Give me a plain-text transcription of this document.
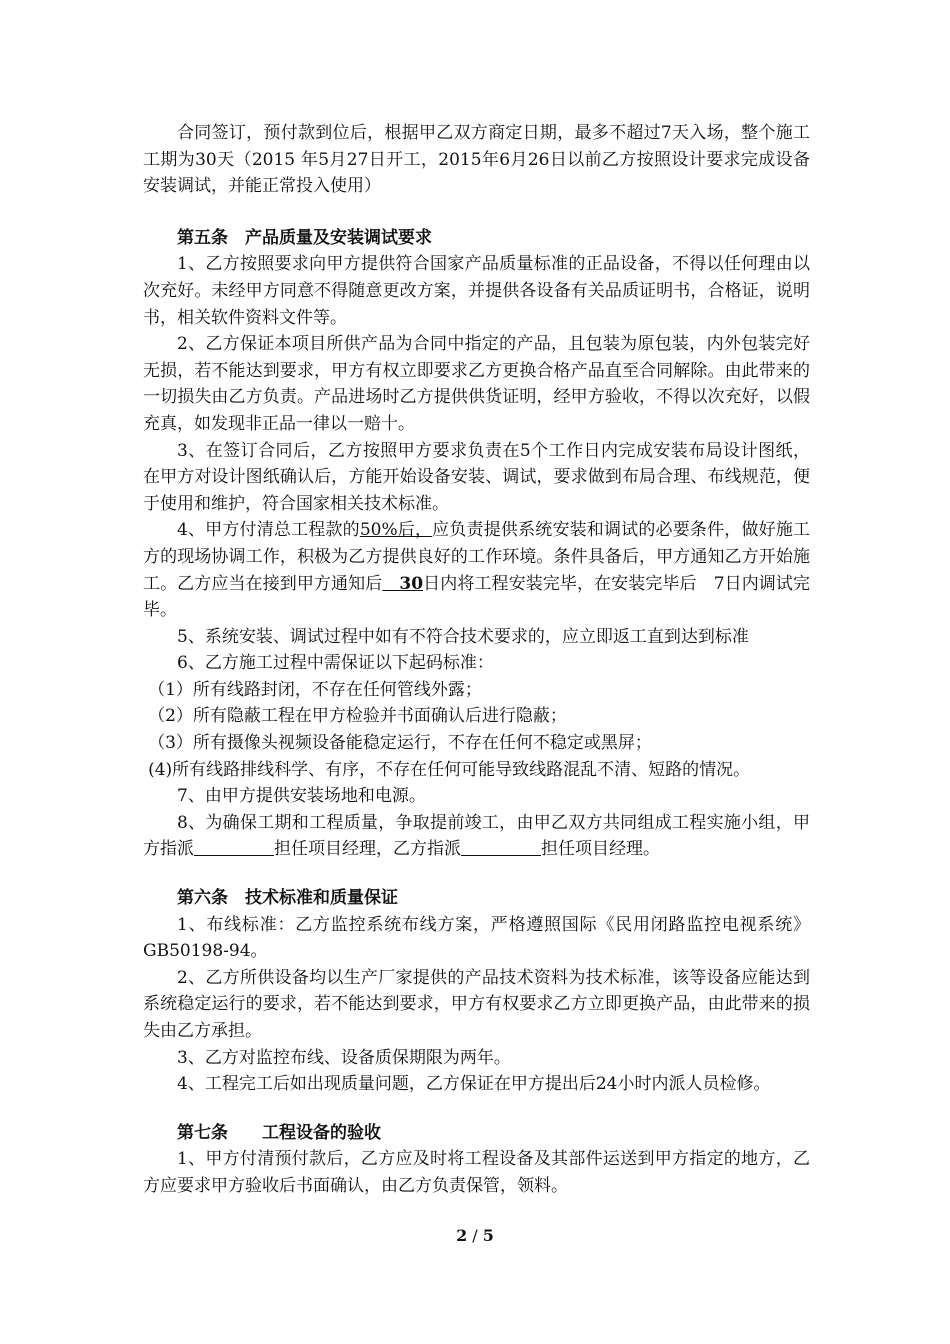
合同签订，预付款到位后，根据甲乙双方商定日期，最多不超过7天入场，整个施工工期为30天（2015 年5月27日开工，2015年6月26日以前乙方按照设计要求完成设备安装调试，并能正常投入使用）

第五条　产品质量及安装调试要求

1、乙方按照要求向甲方提供符合国家产品质量标准的正品设备，不得以任何理由以次充好。未经甲方同意不得随意更改方案，并提供各设备有关品质证明书，合格证，说明书，相关软件资料文件等。

2、乙方保证本项目所供产品为合同中指定的产品，且包装为原包装，内外包装完好无损，若不能达到要求，甲方有权立即要求乙方更换合格产品直至合同解除。由此带来的一切损失由乙方负责。产品进场时乙方提供供货证明，经甲方验收，不得以次充好，以假充真，如发现非正品一律以一赔十。

3、在签订合同后，乙方按照甲方要求负责在5个工作日内完成安装布局设计图纸，在甲方对设计图纸确认后，方能开始设备安装、调试，要求做到布局合理、布线规范，便于使用和维护，符合国家相关技术标准。

4、甲方付清总工程款的50%后，应负责提供系统安装和调试的必要条件，做好施工方的现场协调工作，积极为乙方提供良好的工作环境。条件具备后，甲方通知乙方开始施工。乙方应当在接到甲方通知后　30日内将工程安装完毕，在安装完毕后　7日内调试完毕。

5、系统安装、调试过程中如有不符合技术要求的，应立即返工直到达到标准

6、乙方施工过程中需保证以下起码标准：

（1）所有线路封闭，不存在任何管线外露；

（2）所有隐蔽工程在甲方检验并书面确认后进行隐蔽；

（3）所有摄像头视频设备能稳定运行，不存在任何不稳定或黑屏；

(4)所有线路排线科学、有序，不存在任何可能导致线路混乱不清、短路的情况。

7、由甲方提供安装场地和电源。

8、为确保工期和工程质量，争取提前竣工，由甲乙双方共同组成工程实施小组，甲方指派	担任项目经理，乙方指派	担任项目经理。

第六条　技术标准和质量保证

1、布线标准：乙方监控系统布线方案，严格遵照国际《民用闭路监控电视系统》GB50198-94。

2、乙方所供设备均以生产厂家提供的产品技术资料为技术标准，该等设备应能达到系统稳定运行的要求，若不能达到要求，甲方有权要求乙方立即更换产品，由此带来的损失由乙方承担。

3、乙方对监控布线、设备质保期限为两年。

4、工程完工后如出现质量问题，乙方保证在甲方提出后24小时内派人员检修。

第七条　　工程设备的验收

1、甲方付清预付款后，乙方应及时将工程设备及其部件运送到甲方指定的地方，乙方应要求甲方验收后书面确认，由乙方负责保管，领料。

2 / 5
